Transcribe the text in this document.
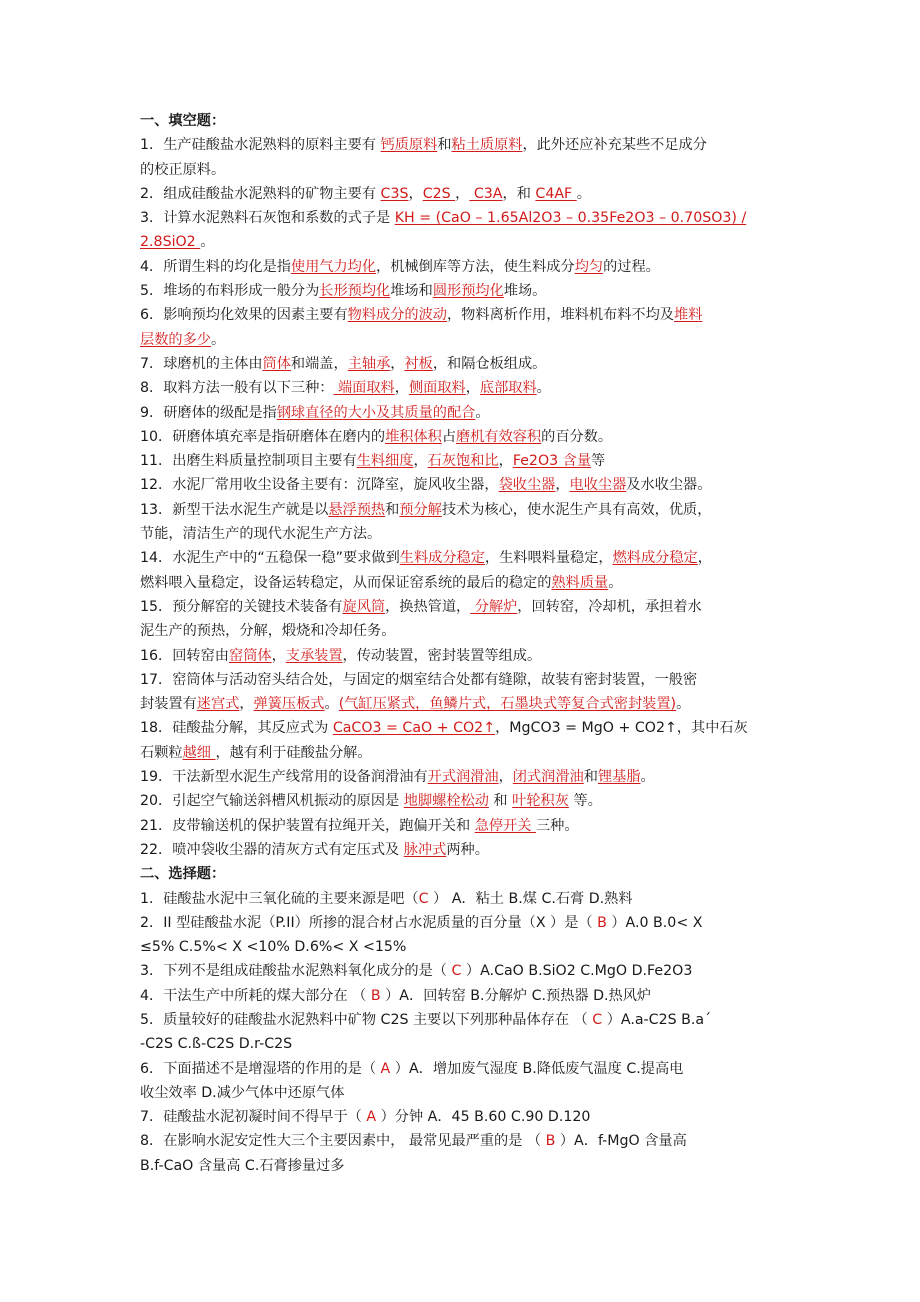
一、填空题：
1．生产硅酸盐水泥熟料的原料主要有 钙质原料和粘土质原料，此外还应补充某些不足成分
的校正原料。
2．组成硅酸盐水泥熟料的矿物主要有 C3S，C2S ， C3A，和 C4AF 。
3．计算水泥熟料石灰饱和系数的式子是 KH = (CaO – 1.65Al2O3 – 0.35Fe2O3 – 0.70SO3) /
2.8SiO2 。
4．所谓生料的均化是指使用气力均化，机械倒库等方法，使生料成分均匀的过程。
5．堆场的布料形成一般分为长形预均化堆场和圆形预均化堆场。
6．影响预均化效果的因素主要有物料成分的波动，物料离析作用，堆料机布料不均及堆料
层数的多少。
7．球磨机的主体由筒体和端盖，主轴承，衬板，和隔仓板组成。
8．取料方法一般有以下三种： 端面取料，侧面取料，底部取料。
9．研磨体的级配是指钢球直径的大小及其质量的配合。
10．研磨体填充率是指研磨体在磨内的堆积体积占磨机有效容积的百分数。
11．出磨生料质量控制项目主要有生料细度，石灰饱和比，Fe2O3 含量等
12．水泥厂常用收尘设备主要有：沉降室，旋风收尘器，袋收尘器，电收尘器及水收尘器。
13．新型干法水泥生产就是以悬浮预热和预分解技术为核心，使水泥生产具有高效，优质，
节能，清洁生产的现代水泥生产方法。
14．水泥生产中的“五稳保一稳”要求做到生料成分稳定，生料喂料量稳定，燃料成分稳定，
燃料喂入量稳定，设备运转稳定，从而保证窑系统的最后的稳定的熟料质量。
15．预分解窑的关键技术装备有旋风筒，换热管道， 分解炉，回转窑，冷却机，承担着水
泥生产的预热，分解，煅烧和冷却任务。
16．回转窑由窑筒体，支承装置，传动装置，密封装置等组成。
17．窑筒体与活动窑头结合处，与固定的烟室结合处都有缝隙，故装有密封装置，一般密
封装置有迷宫式，弹簧压板式。(气缸压紧式，鱼鳞片式，石墨块式等复合式密封装置)。
18．硅酸盐分解，其反应式为 CaCO3 = CaO + CO2↑，MgCO3 = MgO + CO2↑，其中石灰
石颗粒越细 ，越有利于硅酸盐分解。
19．干法新型水泥生产线常用的设备润滑油有开式润滑油，闭式润滑油和锂基脂。
20．引起空气输送斜槽风机振动的原因是 地脚螺栓松动 和 叶轮积灰 等。
21．皮带输送机的保护装置有拉绳开关，跑偏开关和 急停开关 三种。
22．喷冲袋收尘器的清灰方式有定压式及 脉冲式两种。
二、选择题：
1．硅酸盐水泥中三氧化硫的主要来源是吧（C ） A．粘土 B.煤 C.石膏 D.熟料
2．II 型硅酸盐水泥（P.II）所掺的混合材占水泥质量的百分量（X ）是（ B ）A.0 B.0< X
≤5% C.5%< X <10% D.6%< X <15%
3．下列不是组成硅酸盐水泥熟料氧化成分的是（ C ）A.CaO B.SiO2 C.MgO D.Fe2O3
4．干法生产中所耗的煤大部分在 （ B ）A．回转窑 B.分解炉 C.预热器 D.热风炉
5．质量较好的硅酸盐水泥熟料中矿物 C2S 主要以下列那种晶体存在 （ C ）A.a-C2S B.a´
-C2S C.ß-C2S D.r-C2S
6．下面描述不是增湿塔的作用的是（ A ）A．增加废气湿度 B.降低废气温度 C.提高电
收尘效率 D.减少气体中还原气体
7．硅酸盐水泥初凝时间不得早于（ A ）分钟 A．45 B.60 C.90 D.120
8．在影响水泥安定性大三个主要因素中， 最常见最严重的是 （ B ）A．f-MgO 含量高
B.f-CaO 含量高 C.石膏掺量过多
